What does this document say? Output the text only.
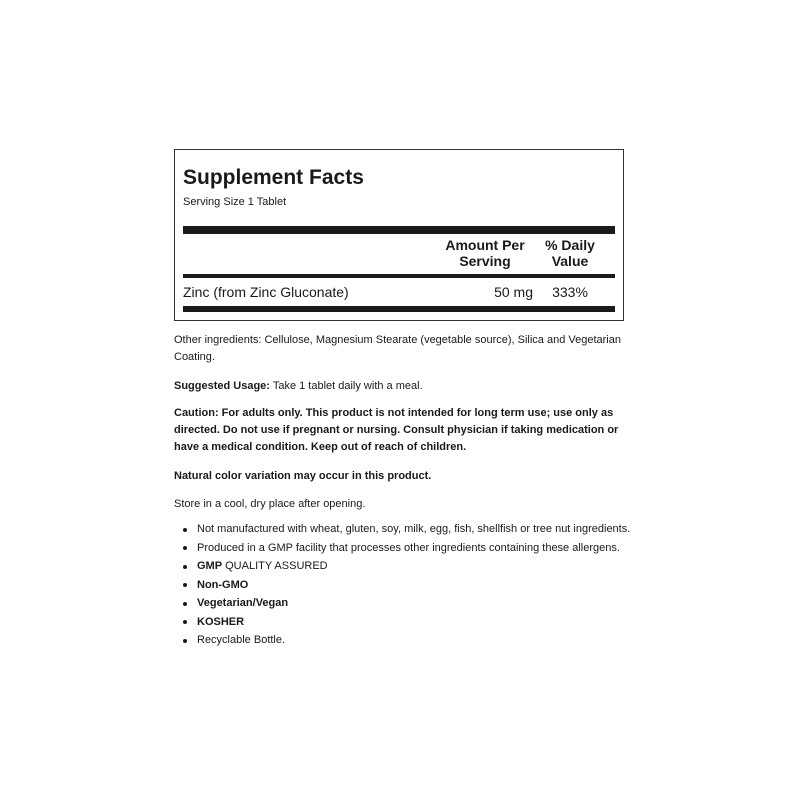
Supplement Facts
Serving Size 1 Tablet
Amount Per
Serving
% Daily
Value
Zinc (from Zinc Gluconate)	50 mg	333%
Other ingredients: Cellulose, Magnesium Stearate (vegetable source), Silica and Vegetarian Coating.
Suggested Usage: Take 1 tablet daily with a meal.
Caution: For adults only. This product is not intended for long term use; use only as directed. Do not use if pregnant or nursing. Consult physician if taking medication or have a medical condition. Keep out of reach of children.
Natural color variation may occur in this product.
Store in a cool, dry place after opening.
Not manufactured with wheat, gluten, soy, milk, egg, fish, shellfish or tree nut ingredients.
Produced in a GMP facility that processes other ingredients containing these allergens.
GMP QUALITY ASSURED
Non-GMO
Vegetarian/Vegan
KOSHER
Recyclable Bottle.
